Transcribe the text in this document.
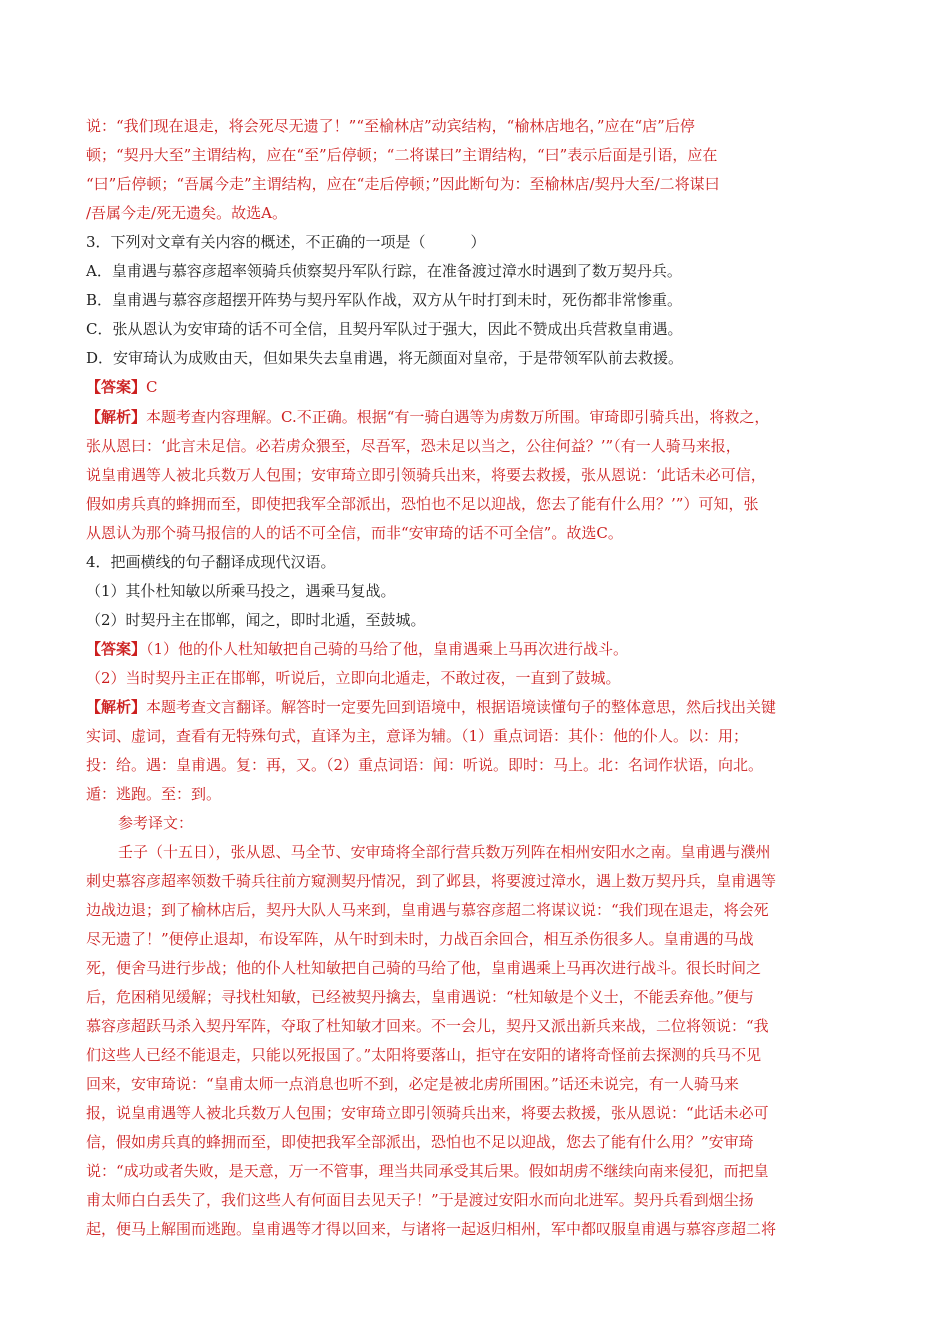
说：“我们现在退走，将会死尽无遗了！”“至榆林店”动宾结构，“榆林店地名，”应在“店”后停
顿；“契丹大至”主谓结构，应在“至”后停顿；“二将谋曰”主谓结构，“曰”表示后面是引语，应在
“曰”后停顿；“吾属今走”主谓结构，应在“走后停顿；”因此断句为：至榆林店/契丹大至/二将谋曰
/吾属今走/死无遗矣。故选A。
3．下列对文章有关内容的概述，不正确的一项是（　　　）
A．皇甫遇与慕容彦超率领骑兵侦察契丹军队行踪，在准备渡过漳水时遇到了数万契丹兵。
B．皇甫遇与慕容彦超摆开阵势与契丹军队作战，双方从午时打到未时，死伤都非常惨重。
C．张从恩认为安审琦的话不可全信，且契丹军队过于强大，因此不赞成出兵营救皇甫遇。
D．安审琦认为成败由天，但如果失去皇甫遇，将无颜面对皇帝，于是带领军队前去救援。
【答案】C
【解析】本题考查内容理解。C.不正确。根据“有一骑白遇等为虏数万所围。审琦即引骑兵出，将救之，
张从恩曰：‘此言未足信。必若虏众猥至，尽吾军，恐未足以当之，公往何益？’”（有一人骑马来报，
说皇甫遇等人被北兵数万人包围；安审琦立即引领骑兵出来，将要去救援，张从恩说：‘此话未必可信，
假如虏兵真的蜂拥而至，即使把我军全部派出，恐怕也不足以迎战，您去了能有什么用？’”）可知，张
从恩认为那个骑马报信的人的话不可全信，而非“安审琦的话不可全信”。故选C。
4．把画横线的句子翻译成现代汉语。
（1）其仆杜知敏以所乘马投之，遇乘马复战。
（2）时契丹主在邯郸，闻之，即时北遁，至鼓城。
【答案】（1）他的仆人杜知敏把自己骑的马给了他，皇甫遇乘上马再次进行战斗。
（2）当时契丹主正在邯郸，听说后，立即向北遁走，不敢过夜，一直到了鼓城。
【解析】本题考查文言翻译。解答时一定要先回到语境中，根据语境读懂句子的整体意思，然后找出关键
实词、虚词，查看有无特殊句式，直译为主，意译为辅。（1）重点词语：其仆：他的仆人。以：用；
投：给。遇：皇甫遇。复：再，又。（2）重点词语：闻：听说。即时：马上。北：名词作状语，向北。
遁：逃跑。至：到。
参考译文：
壬子（十五日），张从恩、马全节、安审琦将全部行营兵数万列阵在相州安阳水之南。皇甫遇与濮州
刺史慕容彦超率领数千骑兵往前方窥测契丹情况，到了邺县，将要渡过漳水，遇上数万契丹兵，皇甫遇等
边战边退；到了榆林店后，契丹大队人马来到，皇甫遇与慕容彦超二将谋议说：“我们现在退走，将会死
尽无遗了！”便停止退却，布设军阵，从午时到未时，力战百余回合，相互杀伤很多人。皇甫遇的马战
死，便舍马进行步战；他的仆人杜知敏把自己骑的马给了他，皇甫遇乘上马再次进行战斗。很长时间之
后，危困稍见缓解；寻找杜知敏，已经被契丹擒去，皇甫遇说：“杜知敏是个义士，不能丢弃他。”便与
慕容彦超跃马杀入契丹军阵，夺取了杜知敏才回来。不一会儿，契丹又派出新兵来战，二位将领说：“我
们这些人已经不能退走，只能以死报国了。”太阳将要落山，拒守在安阳的诸将奇怪前去探测的兵马不见
回来，安审琦说：“皇甫太师一点消息也听不到，必定是被北虏所围困。”话还未说完，有一人骑马来
报，说皇甫遇等人被北兵数万人包围；安审琦立即引领骑兵出来，将要去救援，张从恩说：“此话未必可
信，假如虏兵真的蜂拥而至，即使把我军全部派出，恐怕也不足以迎战，您去了能有什么用？”安审琦
说：“成功或者失败，是天意，万一不管事，理当共同承受其后果。假如胡虏不继续向南来侵犯，而把皇
甫太师白白丢失了，我们这些人有何面目去见天子！”于是渡过安阳水而向北进军。契丹兵看到烟尘扬
起，便马上解围而逃跑。皇甫遇等才得以回来，与诸将一起返归相州，军中都叹服皇甫遇与慕容彦超二将
